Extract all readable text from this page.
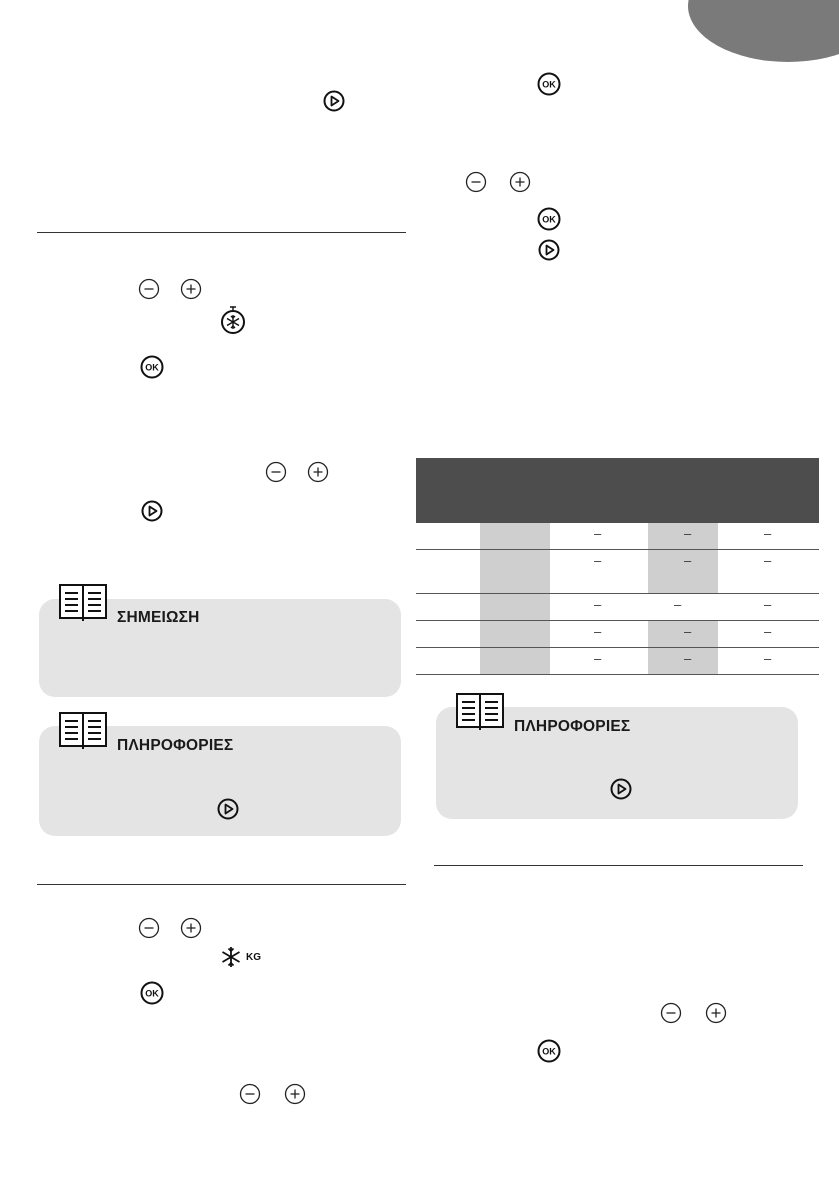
OK
ΣΗΜΕΙΩΣΗ
ΠΛΗΡΟΦΟΡΙΕΣ
KG
OK
OK
OK
–	–	–
–	–	–
–	–	–
–	–	–
–	–	–
ΠΛΗΡΟΦΟΡΙΕΣ
OK
